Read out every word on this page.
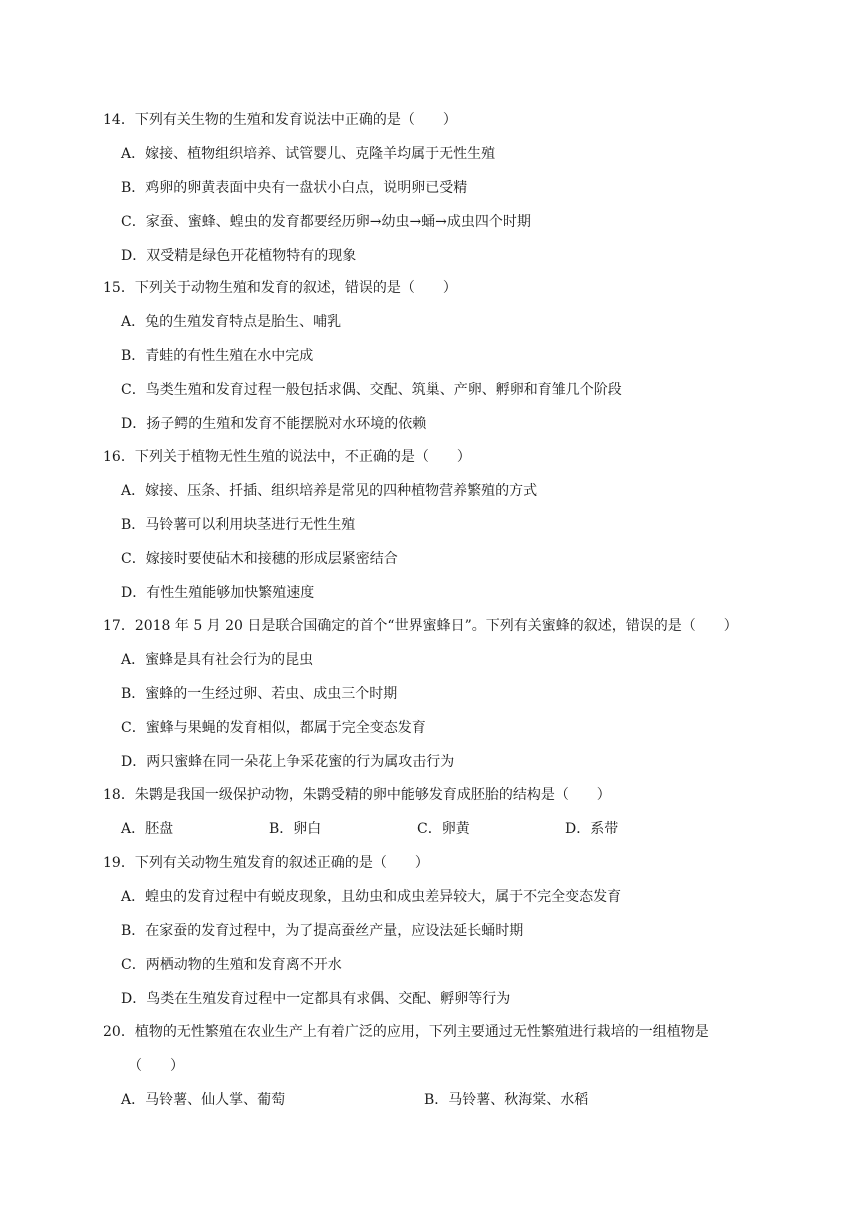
14．下列有关生物的生殖和发育说法中正确的是（　　）
A．嫁接、植物组织培养、试管婴儿、克隆羊均属于无性生殖
B．鸡卵的卵黄表面中央有一盘状小白点，说明卵已受精
C．家蚕、蜜蜂、蝗虫的发育都要经历卵→幼虫→蛹→成虫四个时期
D．双受精是绿色开花植物特有的现象
15．下列关于动物生殖和发育的叙述，错误的是（　　）
A．兔的生殖发育特点是胎生、哺乳
B．青蛙的有性生殖在水中完成
C．鸟类生殖和发育过程一般包括求偶、交配、筑巢、产卵、孵卵和育雏几个阶段
D．扬子鳄的生殖和发育不能摆脱对水环境的依赖
16．下列关于植物无性生殖的说法中，不正确的是（　　）
A．嫁接、压条、扦插、组织培养是常见的四种植物营养繁殖的方式
B．马铃薯可以利用块茎进行无性生殖
C．嫁接时要使砧木和接穗的形成层紧密结合
D．有性生殖能够加快繁殖速度
17．2018 年 5 月 20 日是联合国确定的首个“世界蜜蜂日”。下列有关蜜蜂的叙述，错误的是（　　）
A．蜜蜂是具有社会行为的昆虫
B．蜜蜂的一生经过卵、若虫、成虫三个时期
C．蜜蜂与果蝇的发育相似，都属于完全变态发育
D．两只蜜蜂在同一朵花上争采花蜜的行为属攻击行为
18．朱鹮是我国一级保护动物，朱鹮受精的卵中能够发育成胚胎的结构是（　　）
A．胚盘	B．卵白	C．卵黄	D．系带
19．下列有关动物生殖发育的叙述正确的是（　　）
A．蝗虫的发育过程中有蜕皮现象，且幼虫和成虫差异较大，属于不完全变态发育
B．在家蚕的发育过程中，为了提高蚕丝产量，应设法延长蛹时期
C．两栖动物的生殖和发育离不开水
D．鸟类在生殖发育过程中一定都具有求偶、交配、孵卵等行为
20．植物的无性繁殖在农业生产上有着广泛的应用，下列主要通过无性繁殖进行栽培的一组植物是
（　　）
A．马铃薯、仙人掌、葡萄	B．马铃薯、秋海棠、水稻
